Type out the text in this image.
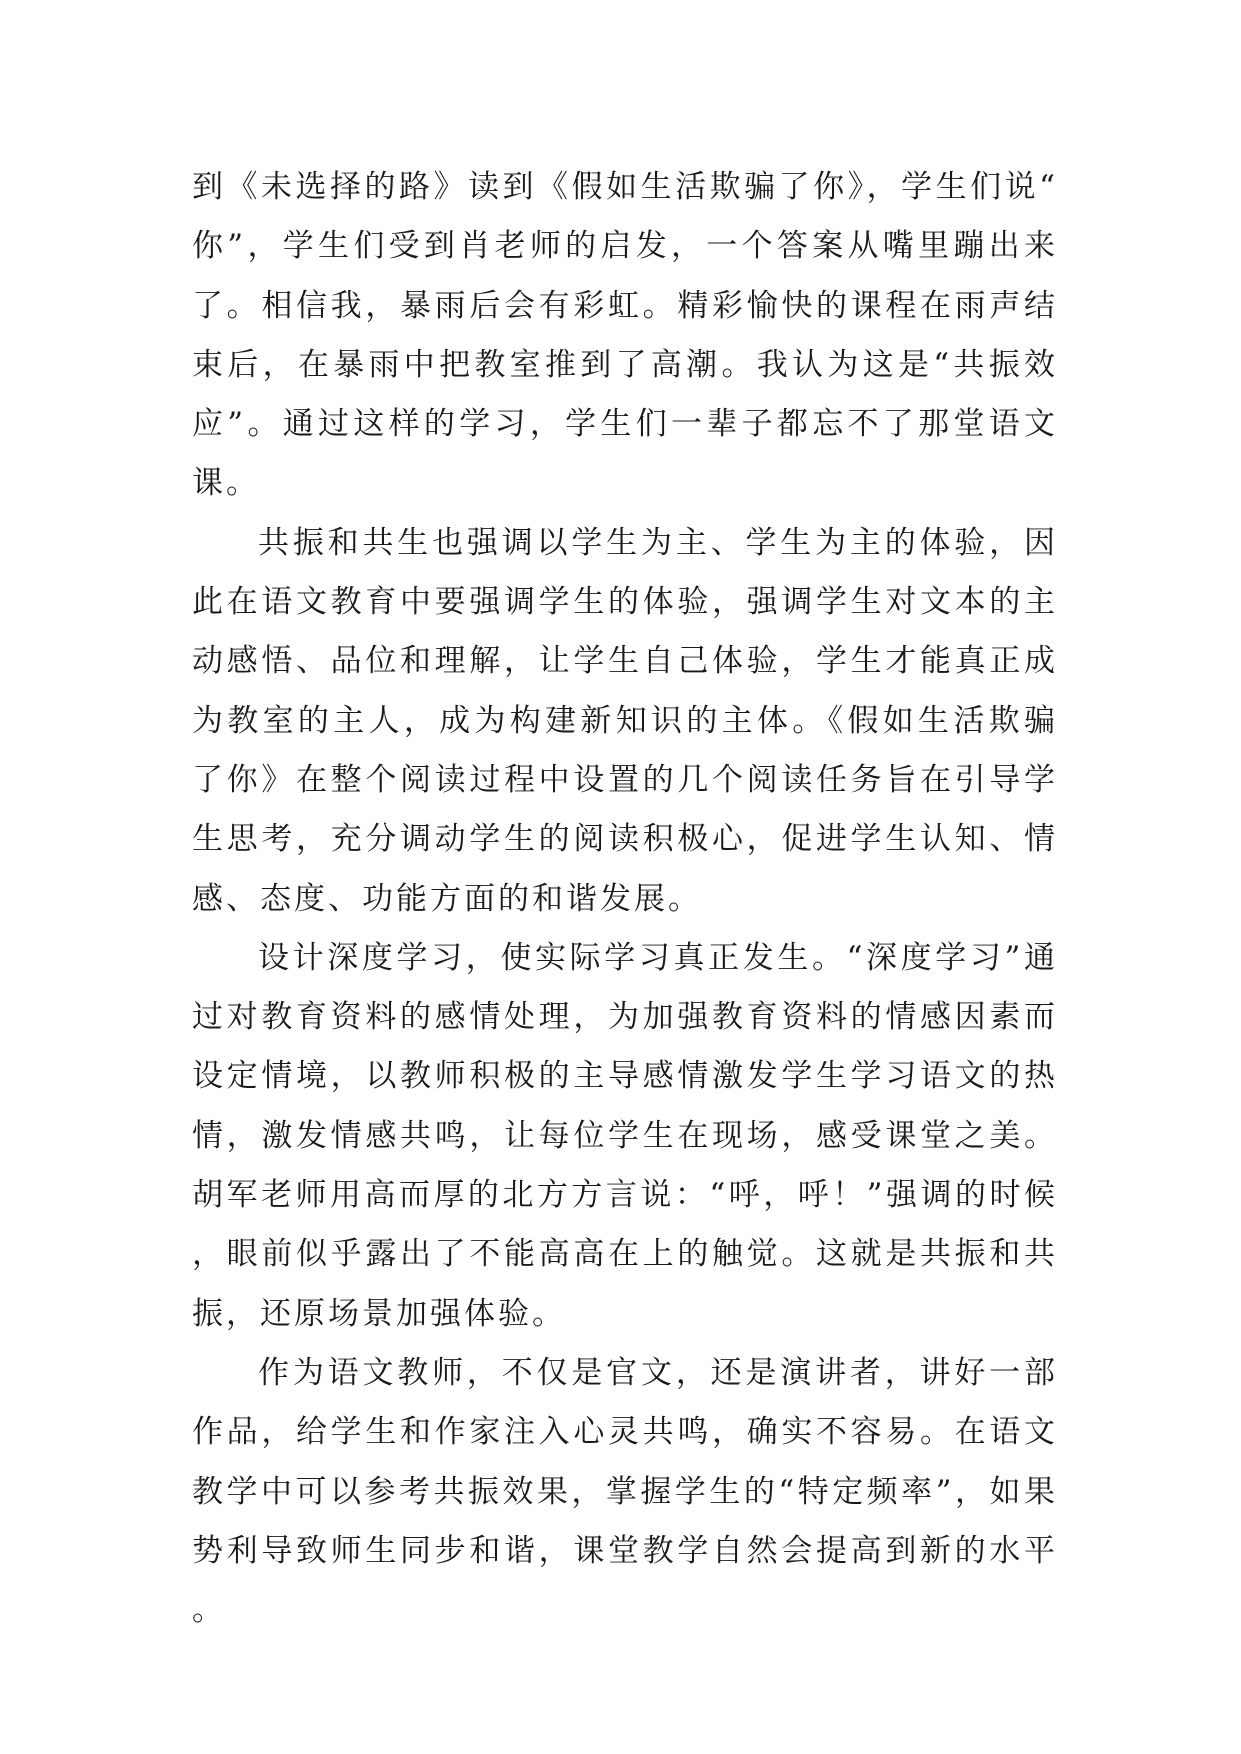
到《未选择的路》读到《假如生活欺骗了你》，学生们说“你”，学生们受到肖老师的启发，一个答案从嘴里蹦出来了。相信我，暴雨后会有彩虹。精彩愉快的课程在雨声结束后，在暴雨中把教室推到了高潮。我认为这是“共振效应”。通过这样的学习，学生们一辈子都忘不了那堂语文课。

共振和共生也强调以学生为主、学生为主的体验，因此在语文教育中要强调学生的体验，强调学生对文本的主动感悟、品位和理解，让学生自己体验，学生才能真正成为教室的主人，成为构建新知识的主体。《假如生活欺骗了你》在整个阅读过程中设置的几个阅读任务旨在引导学生思考，充分调动学生的阅读积极心，促进学生认知、情感、态度、功能方面的和谐发展。

设计深度学习，使实际学习真正发生。“深度学习”通过对教育资料的感情处理，为加强教育资料的情感因素而设定情境，以教师积极的主导感情激发学生学习语文的热情，激发情感共鸣，让每位学生在现场，感受课堂之美。胡军老师用高而厚的北方方言说：“呼，呼！”强调的时候，眼前似乎露出了不能高高在上的触觉。这就是共振和共振，还原场景加强体验。

作为语文教师，不仅是官文，还是演讲者，讲好一部作品，给学生和作家注入心灵共鸣，确实不容易。在语文教学中可以参考共振效果，掌握学生的“特定频率”，如果势利导致师生同步和谐，课堂教学自然会提高到新的水平。
